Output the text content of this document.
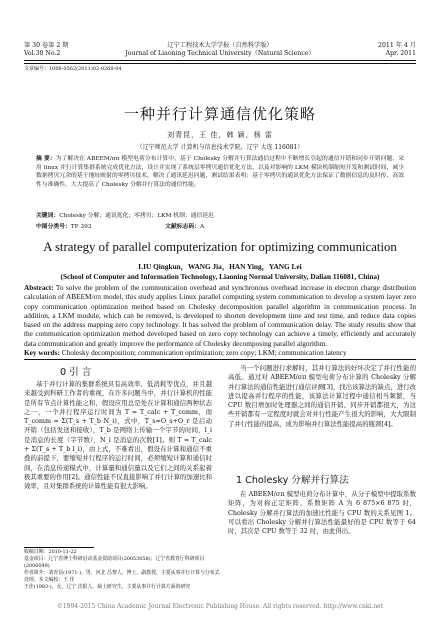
第 30 卷第 2 期
Vol.30 No.2
辽宁工程技术大学学报（自然科学版）
Journal of Liaoning Technical University（Natural Science）
2011 年 4 月
Apr. 2011
文章编号：1008-0562(2011)02-0268-04
一种并行计算通信优化策略
刘青昆，王 佳，韩 颖，杨 雷
（辽宁师范大学 计算机与信息技术学院，辽宁 大连 116081）
摘 要：为了解决在 ABEEM/σπ 模型电荷分布计算中，基于 Cholesky 分解并行算法通信过程中不断增长引起的通信开销和同步开销问题，采用 linux 并行计算集群系统完成优化方法，设计并实现了系统层零拷贝通信优化方法，以及对影响的 LKM 模块机制缩短开发和测试时间，减少数据拷贝冗余的基于地址映射的零拷贝技术，解决了通讯延迟问题，测试结果表明：基于零拷贝的通讯优化方法保证了数据信息的及时传、高效性与准确性，大大提高了 Cholesky 分解并行算法的通信性能。
关键词：Cholesky 分解；通讯优化；零拷贝；LKM 机制；通信延迟
中图分类号：TP 393	文献标志码：A
A strategy of parallel computerization for optimizing communication
LIU Qingkun，WANG Jia，HAN Ying，YANG Lei
(School of Computer and Information Technology, Liaoning Normal University, Dalian 116081, China)
Abstract: To solve the problem of the communication overhead and synchronous overhead increase in electron charge distribution calculation of ABEEM/σπ model, this study applies Linux parallel computing system communication to develop a system layer zero copy communication optimization method based on Cholesky decomposition parallel algorithm in communication process. In addition, a LKM module, which can be removed, is developed to shorten development time and test time, and reduce data copies based on the address mapping zero copy technology. It has solved the problem of communication delay. The study results show that the communication optimization method developed based on zero copy technology can achieve a timely, efficiently and accurately data communication and greatly improve the performance of Cholesky decomposing parallel algorithm.
Key words: Cholesky decomposition; communication optimization; zero copy; LKM; communication latency
0 引 言
基于并行计算的集群系统具有高效率、低消耗等优点，并且越来越受到科研工作者的重视，在许多问题当中，并行计算机的性能是所有节点计算性能之和，假设应用总是处在计算和通信两种状态之一，一个并行程序运行时间为 T = T_calc + T_comm，而 T_comm = Σ(T_s + T_b N_i)，式中，T_s=O_s+O_r 是启动开销（包括发送和接收），T_b 是网络上传输一个字节的时间，l_i 是消息的长度（字节数），N_i 是消息的次数[1]。则 T = T_calc + Σ(T_s + T_b l_i)，由上式，不难看出，假设在计算和通信不重叠的前提下，要缩短并行程序的运行时间，必须缩短计算和通信时间，在消息传递模式中，计算量和通信量以及它们之间的关系起着极其重要的作用[2]。通信性能不仅直接影响了并行计算的加速比和效率，且对集群系统的计算性能有很大影响。
当一个问题进行求解时，其并行算法的好坏决定了并行性能的高低。通过对 ABEEM/σπ 模型电荷分布计算的 Cholesky 分解并行算法的通信性能进行通信评测[3]，找出该算法的缺点，进行改进以提高并行程序的性能，该算法计算过程中通信相当频繁，当 CPU 数目增加时处理器之间的通信开销、同步开销都很大，为这些开销都有一定程度时就会对并行性能产生很大的影响，大大限制了并行性能的提高，成为影响并行算法性能提高的瓶颈[4]。
1 Cholesky 分解并行算法
在 ABEEM/σπ 模型电荷分布计算中，从分子模型中提取系数矩阵，为对称正定矩阵，系数矩阵 A 为 6 875×6 875 时，Cholesky 分解并行算法的加速比性能与 CPU 数的关系见图 1。可以看出 Cholesky 分解并行算法性能最好的是 CPU 数等于 64 时，其次是 CPU 数等于 32 时，由此得出。
收稿日期：2010-11-22
基金项目：辽宁省博士科研启动基金资助项目(20053058)；辽宁省教育厅科研项目(2006049)
作者简介：刘青昆(1971-)，男，河北 昌黎人，博士，副教授，主要从事并行计算与分布式处理。本文编校：王 佳
王佳(1983-)，女，辽宁 沈阳人，硕士研究生，主要从事并行计算方面的研究
©1994-2015 China Academic Journal Electronic Publishing House. All rights reserved. http://www.cnki.net
